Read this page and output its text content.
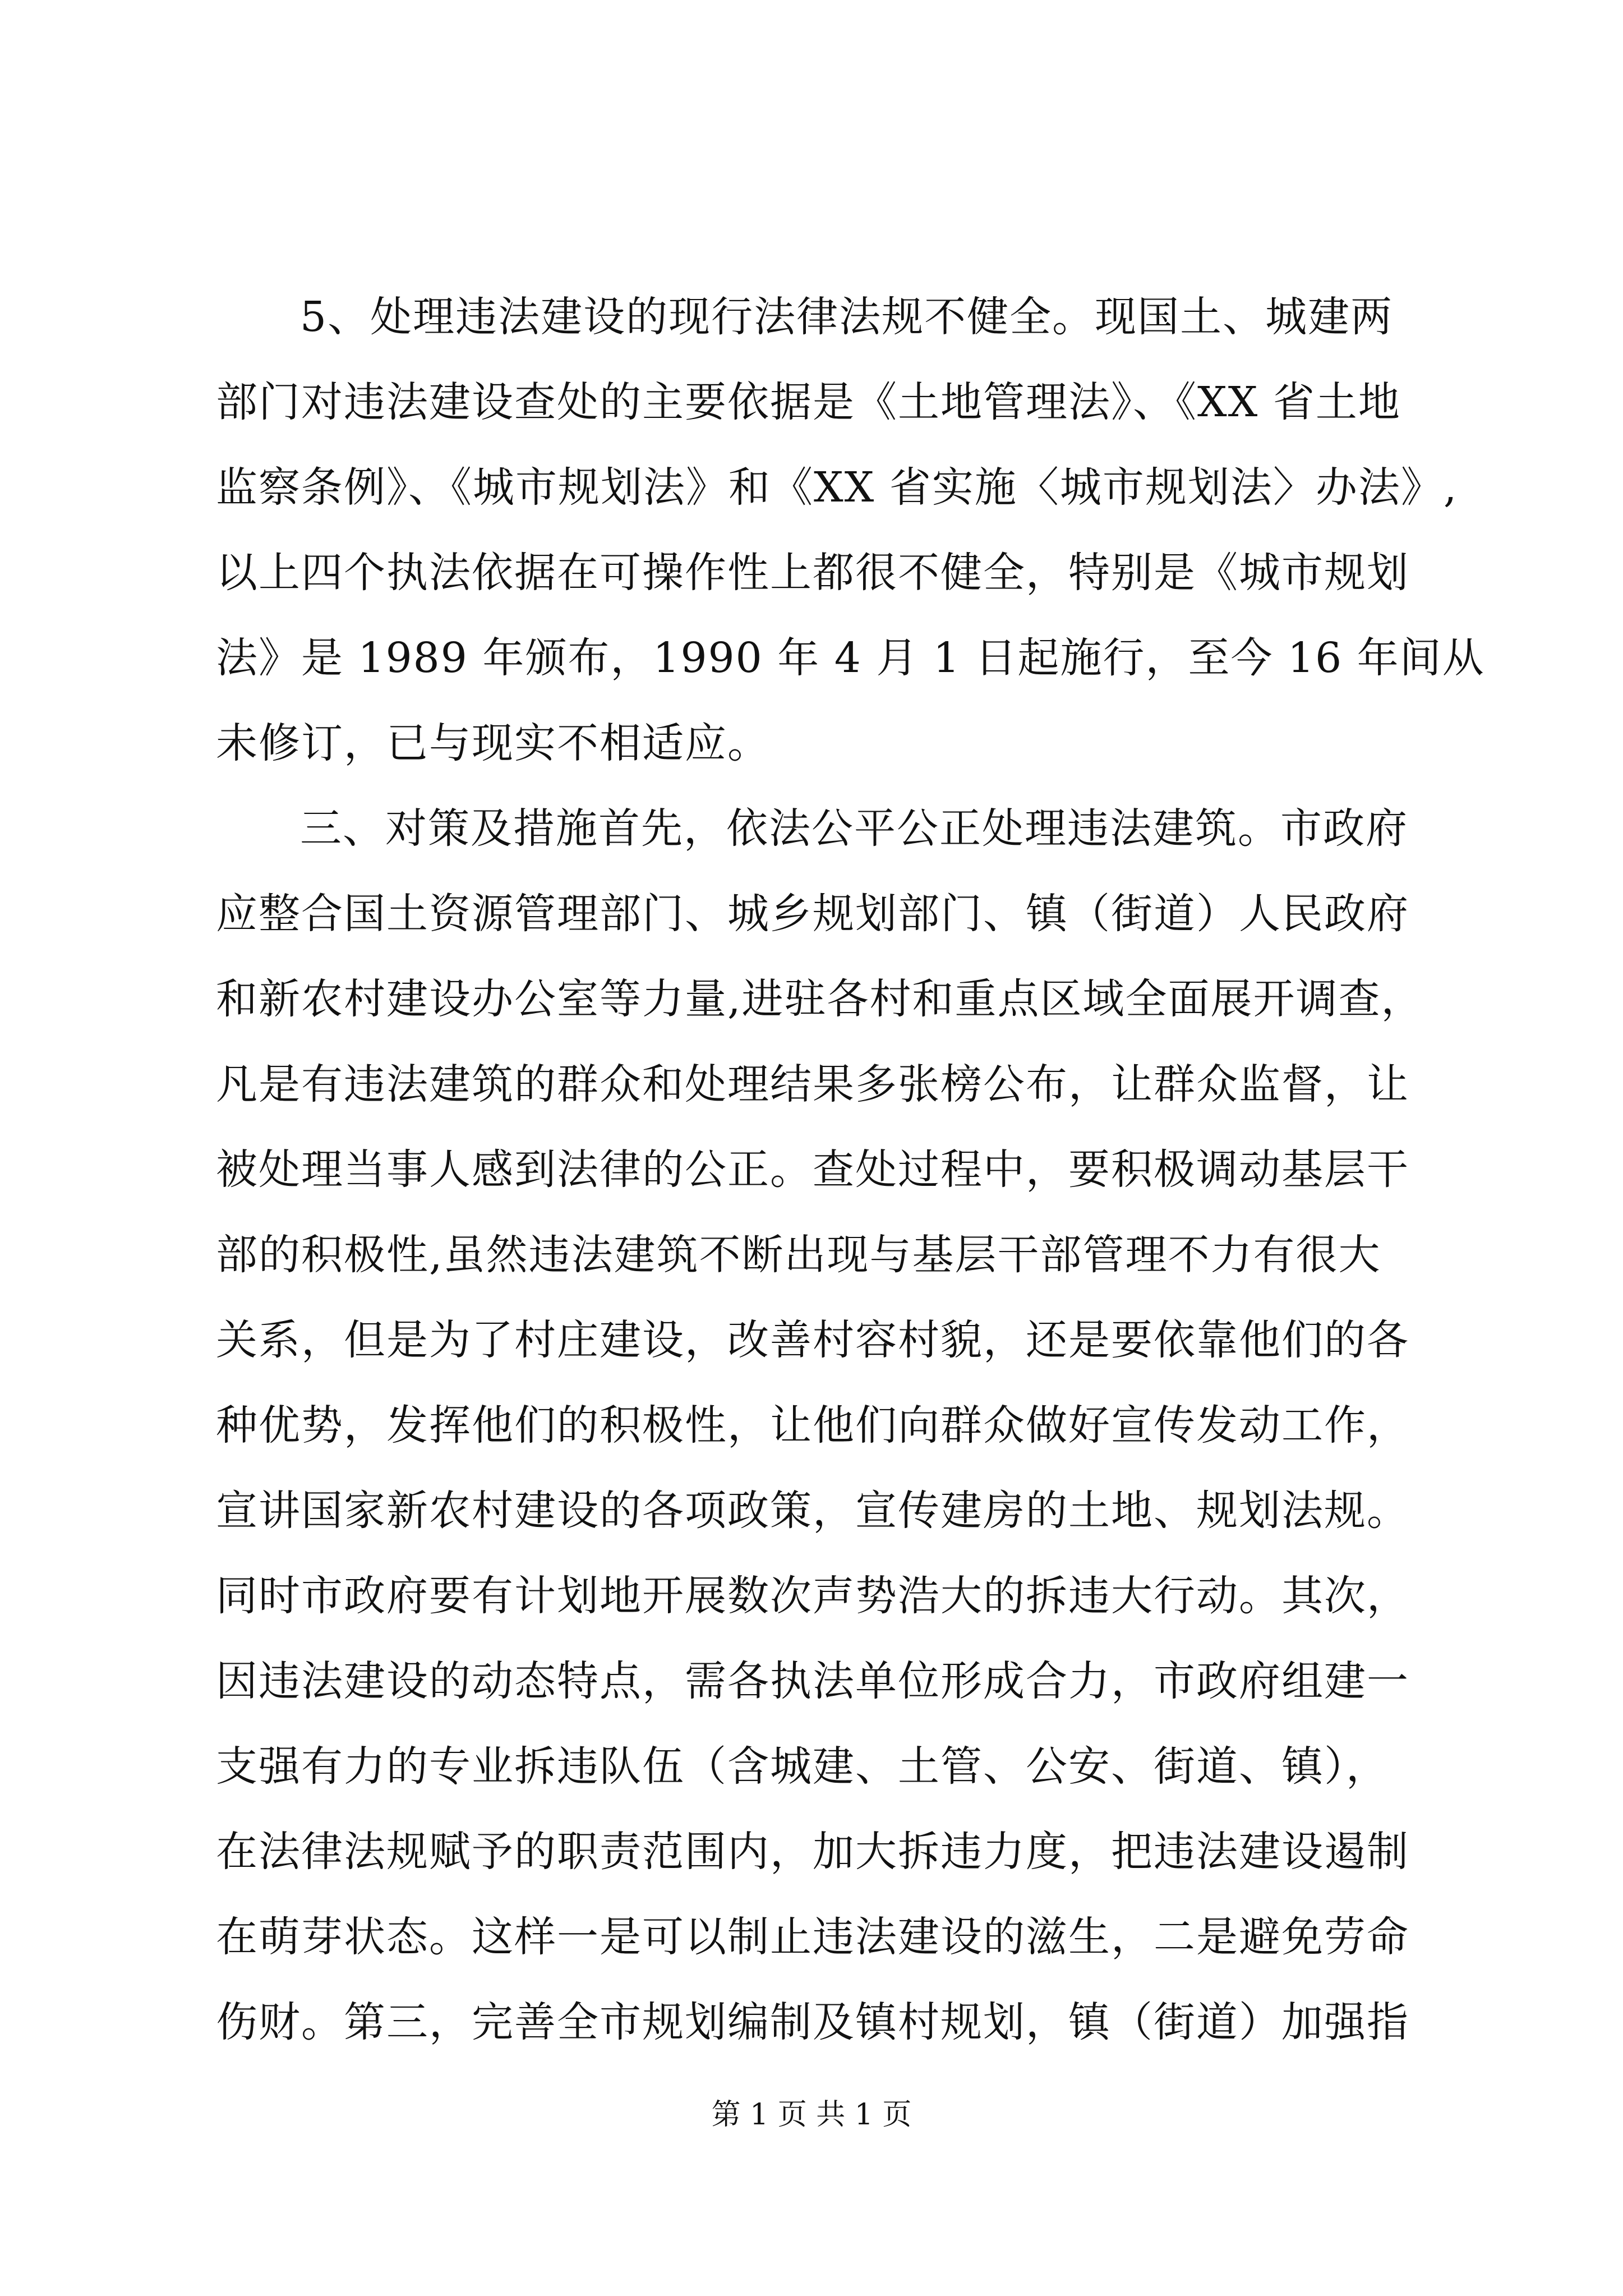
5、处理违法建设的现行法律法规不健全。现国土、城建两
部门对违法建设查处的主要依据是《土地管理法》、《XX 省土地
监察条例》、《城市规划法》和《XX 省实施〈城市规划法〉办法》,
以上四个执法依据在可操作性上都很不健全，特别是《城市规划
法》是 1989 年颁布，1990 年 4 月 1 日起施行，至今 16 年间从
未修订，已与现实不相适应。
三、对策及措施首先，依法公平公正处理违法建筑。市政府
应整合国土资源管理部门、城乡规划部门、镇（街道）人民政府
和新农村建设办公室等力量,进驻各村和重点区域全面展开调查，
凡是有违法建筑的群众和处理结果多张榜公布，让群众监督，让
被处理当事人感到法律的公正。查处过程中，要积极调动基层干
部的积极性,虽然违法建筑不断出现与基层干部管理不力有很大
关系，但是为了村庄建设，改善村容村貌，还是要依靠他们的各
种优势，发挥他们的积极性，让他们向群众做好宣传发动工作，
宣讲国家新农村建设的各项政策，宣传建房的土地、规划法规。
同时市政府要有计划地开展数次声势浩大的拆违大行动。其次，
因违法建设的动态特点，需各执法单位形成合力，市政府组建一
支强有力的专业拆违队伍（含城建、土管、公安、街道、镇），
在法律法规赋予的职责范围内，加大拆违力度，把违法建设遏制
在萌芽状态。这样一是可以制止违法建设的滋生，二是避免劳命
伤财。第三，完善全市规划编制及镇村规划，镇（街道）加强指
第 1 页 共 1 页
